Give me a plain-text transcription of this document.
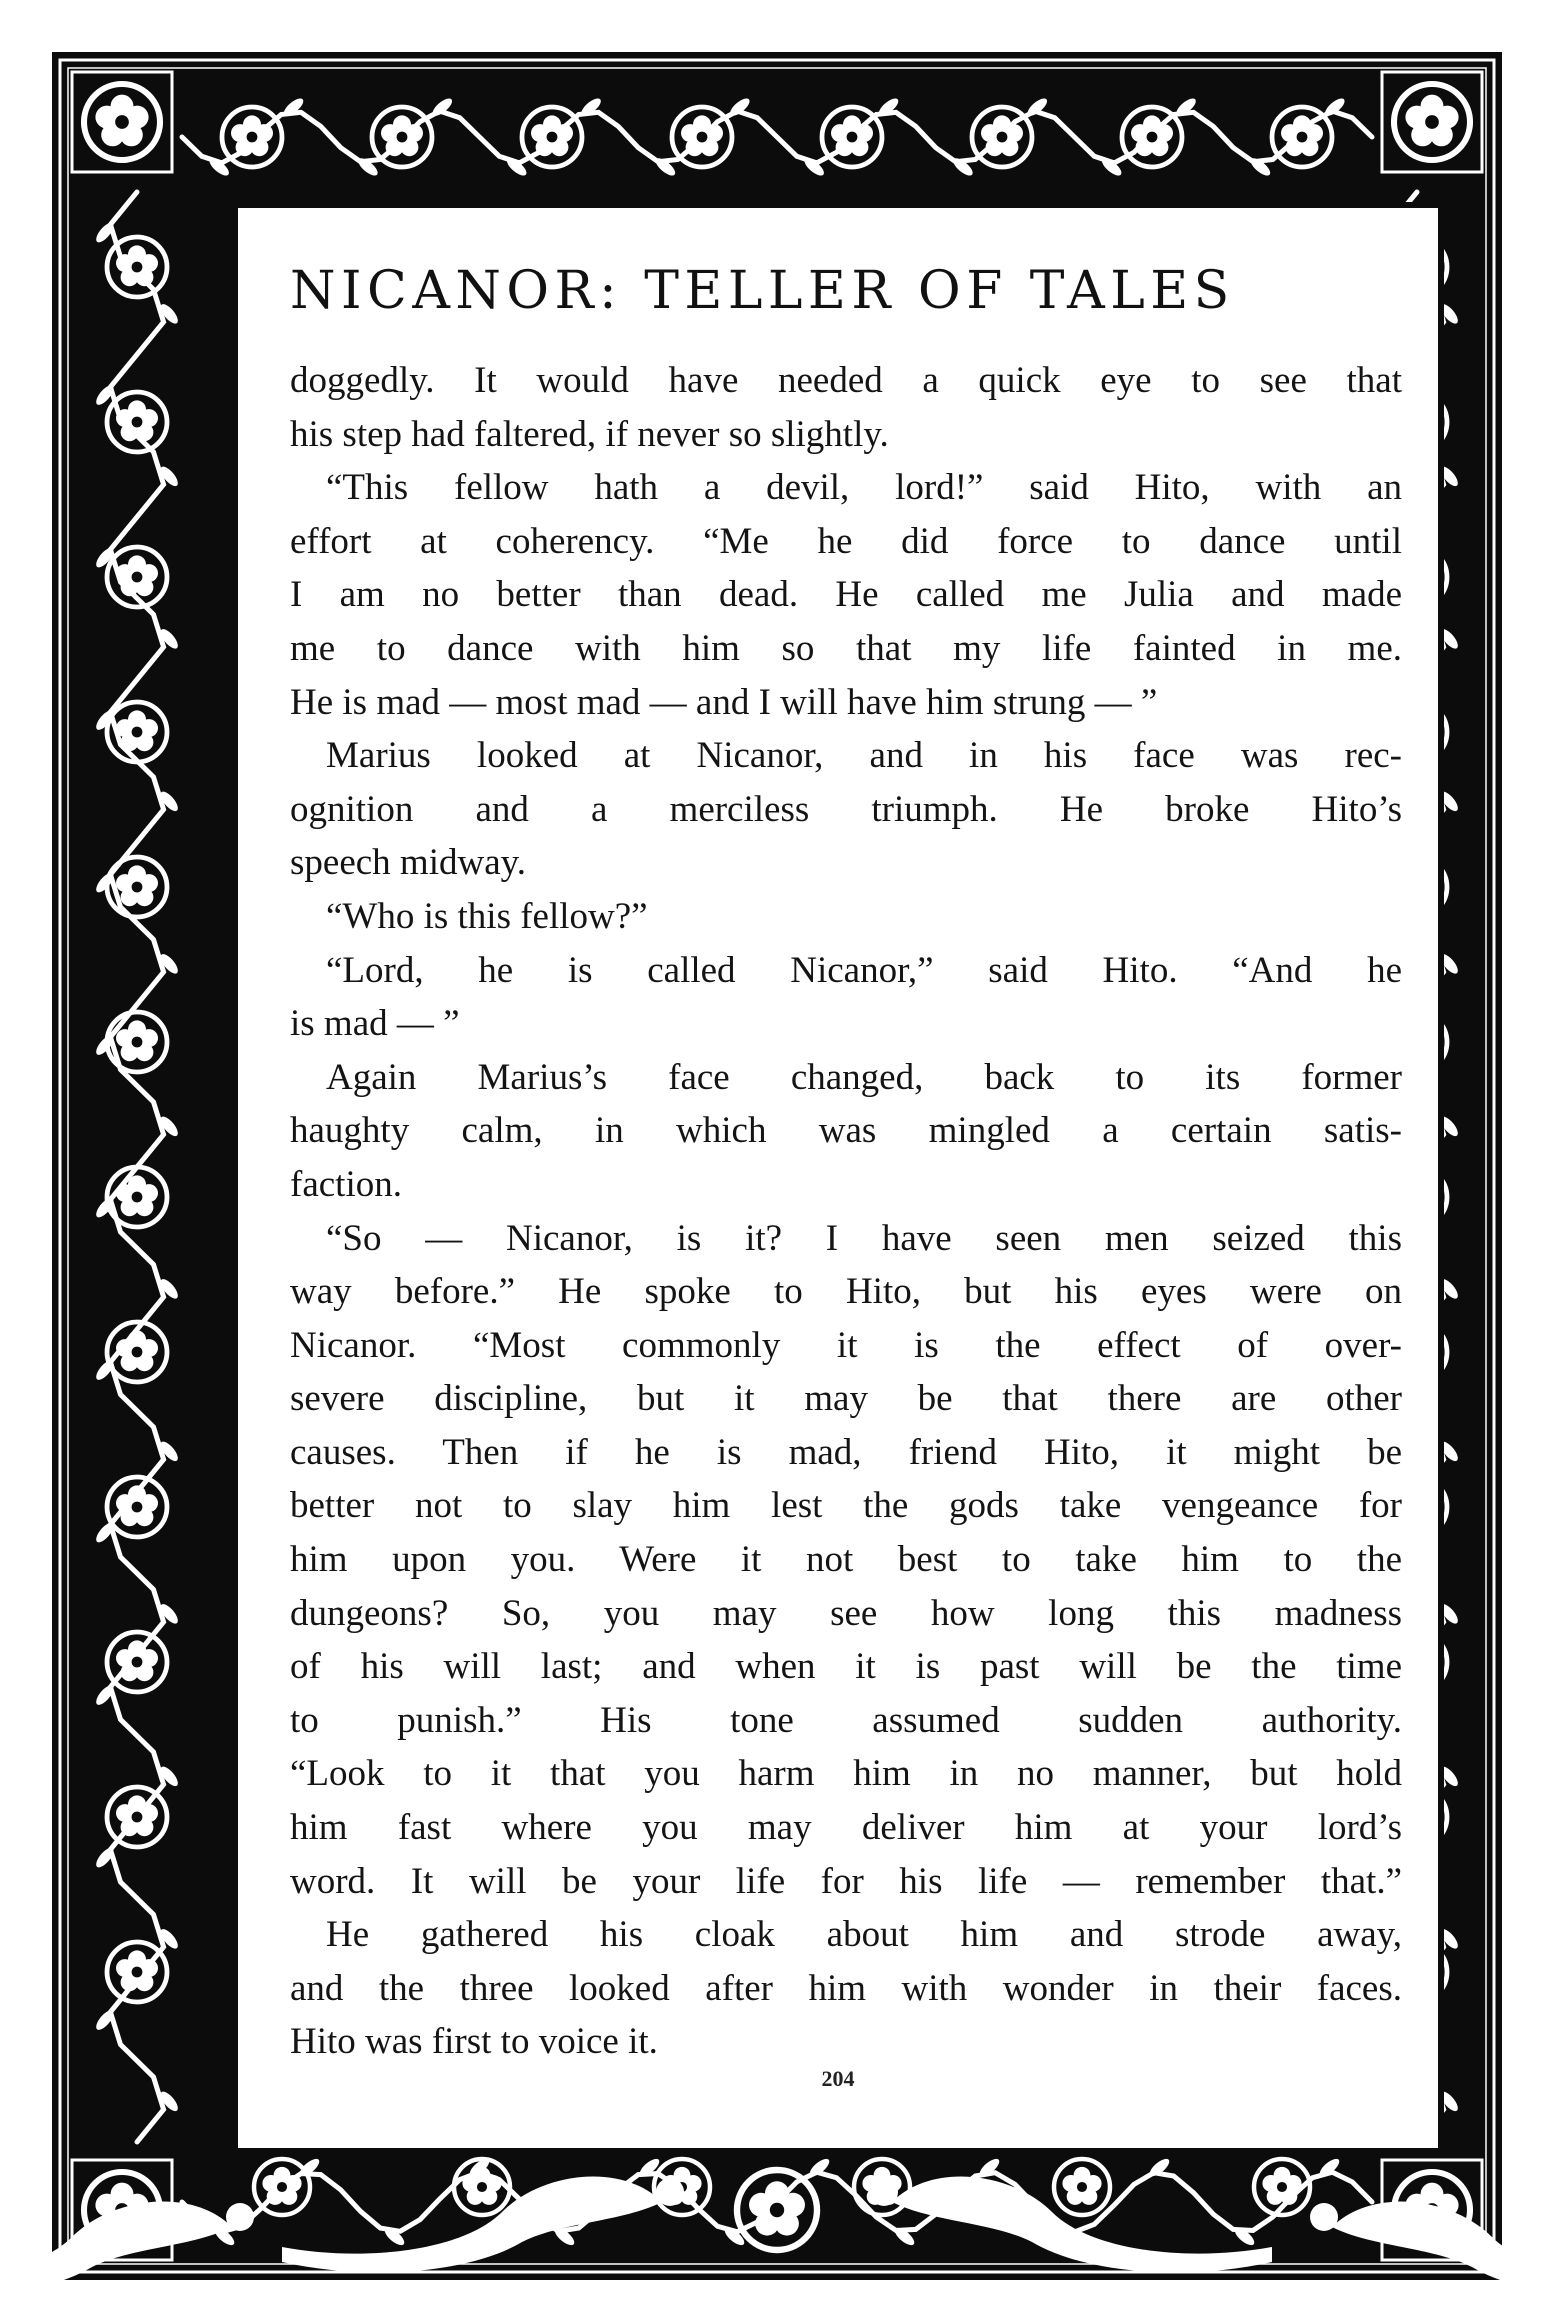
NICANOR: TELLER OF TALES
doggedly. It would have needed a quick eye to see that
his step had faltered, if never so slightly.
“This fellow hath a devil, lord!” said Hito, with an
effort at coherency. “Me he did force to dance until
I am no better than dead. He called me Julia and made
me to dance with him so that my life fainted in me.
He is mad — most mad — and I will have him strung — ”
Marius looked at Nicanor, and in his face was rec-
ognition and a merciless triumph. He broke Hito’s
speech midway.
“Who is this fellow?”
“Lord, he is called Nicanor,” said Hito. “And he
is mad — ”
Again Marius’s face changed, back to its former
haughty calm, in which was mingled a certain satis-
faction.
“So — Nicanor, is it? I have seen men seized this
way before.” He spoke to Hito, but his eyes were on
Nicanor. “Most commonly it is the effect of over-
severe discipline, but it may be that there are other
causes. Then if he is mad, friend Hito, it might be
better not to slay him lest the gods take vengeance for
him upon you. Were it not best to take him to the
dungeons? So, you may see how long this madness
of his will last; and when it is past will be the time
to punish.” His tone assumed sudden authority.
“Look to it that you harm him in no manner, but hold
him fast where you may deliver him at your lord’s
word. It will be your life for his life — remember that.”
He gathered his cloak about him and strode away,
and the three looked after him with wonder in their faces.
Hito was first to voice it.
204
